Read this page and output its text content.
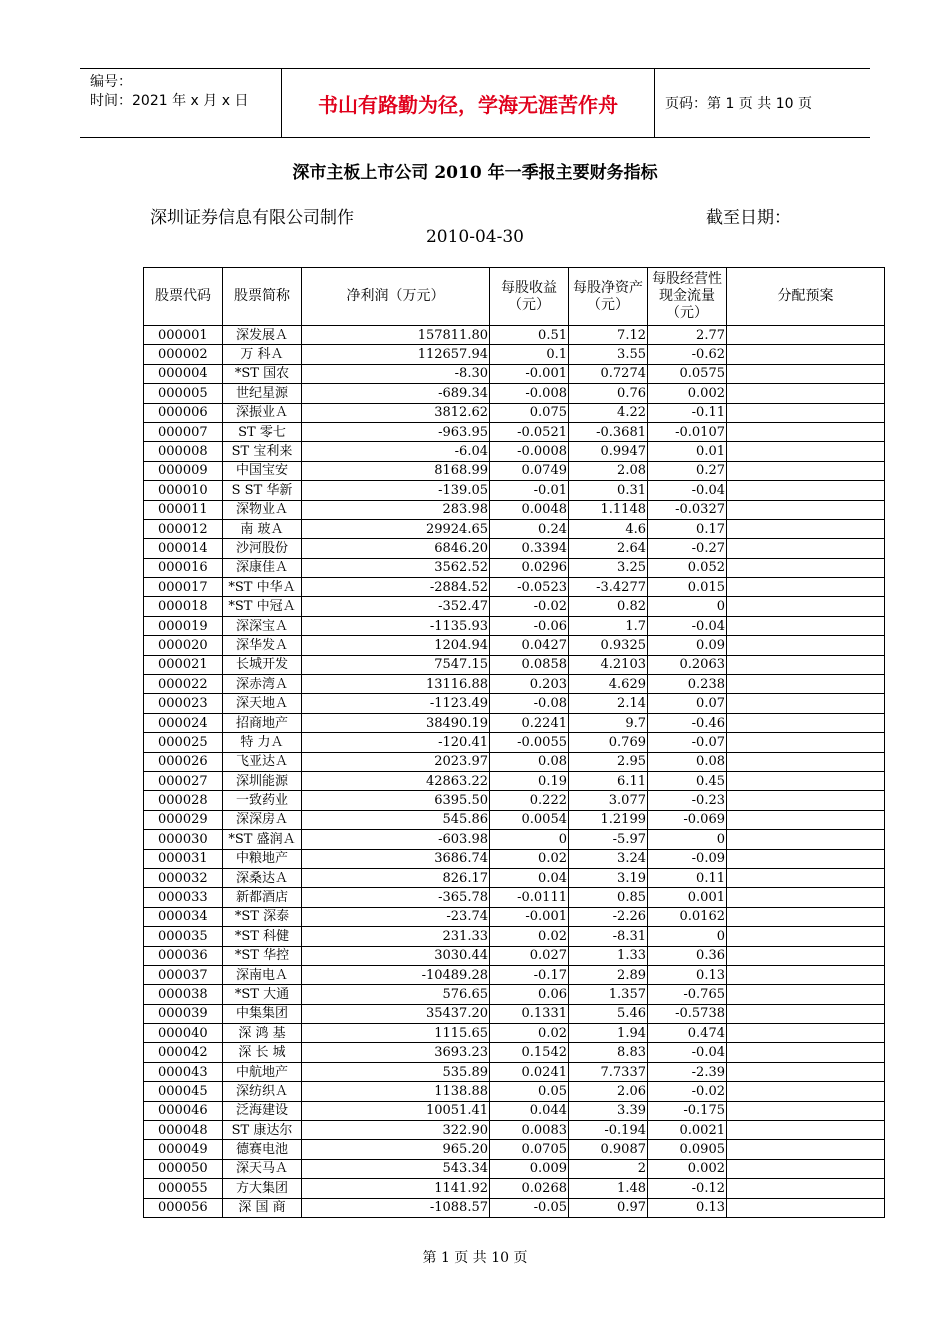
编号：
时间：2021 年 x 月 x 日	书山有路勤为径，学海无涯苦作舟	页码：第 1 页 共 10 页
深市主板上市公司 2010 年一季报主要财务指标
深圳证券信息有限公司制作	截至日期：
2010-04-30
股票代码	股票简称	净利润（万元）	每股收益（元）	每股净资产（元）	每股经营性现金流量（元）	分配预案
000001	深发展Ａ	157811.80	0.51	7.12	2.77	
000002	万 科Ａ	112657.94	0.1	3.55	-0.62	
000004	*ST 国农	-8.30	-0.001	0.7274	0.0575	
000005	世纪星源	-689.34	-0.008	0.76	0.002	
000006	深振业Ａ	3812.62	0.075	4.22	-0.11	
000007	ST 零七	-963.95	-0.0521	-0.3681	-0.0107	
000008	ST 宝利来	-6.04	-0.0008	0.9947	0.01	
000009	中国宝安	8168.99	0.0749	2.08	0.27	
000010	S ST 华新	-139.05	-0.01	0.31	-0.04	
000011	深物业Ａ	283.98	0.0048	1.1148	-0.0327	
000012	南 玻Ａ	29924.65	0.24	4.6	0.17	
000014	沙河股份	6846.20	0.3394	2.64	-0.27	
000016	深康佳Ａ	3562.52	0.0296	3.25	0.052	
000017	*ST 中华Ａ	-2884.52	-0.0523	-3.4277	0.015	
000018	*ST 中冠Ａ	-352.47	-0.02	0.82	0	
000019	深深宝Ａ	-1135.93	-0.06	1.7	-0.04	
000020	深华发Ａ	1204.94	0.0427	0.9325	0.09	
000021	长城开发	7547.15	0.0858	4.2103	0.2063	
000022	深赤湾Ａ	13116.88	0.203	4.629	0.238	
000023	深天地Ａ	-1123.49	-0.08	2.14	0.07	
000024	招商地产	38490.19	0.2241	9.7	-0.46	
000025	特 力Ａ	-120.41	-0.0055	0.769	-0.07	
000026	飞亚达Ａ	2023.97	0.08	2.95	0.08	
000027	深圳能源	42863.22	0.19	6.11	0.45	
000028	一致药业	6395.50	0.222	3.077	-0.23	
000029	深深房Ａ	545.86	0.0054	1.2199	-0.069	
000030	*ST 盛润Ａ	-603.98	0	-5.97	0	
000031	中粮地产	3686.74	0.02	3.24	-0.09	
000032	深桑达Ａ	826.17	0.04	3.19	0.11	
000033	新都酒店	-365.78	-0.0111	0.85	0.001	
000034	*ST 深泰	-23.74	-0.001	-2.26	0.0162	
000035	*ST 科健	231.33	0.02	-8.31	0	
000036	*ST 华控	3030.44	0.027	1.33	0.36	
000037	深南电Ａ	-10489.28	-0.17	2.89	0.13	
000038	*ST 大通	576.65	0.06	1.357	-0.765	
000039	中集集团	35437.20	0.1331	5.46	-0.5738	
000040	深 鸿 基	1115.65	0.02	1.94	0.474	
000042	深 长 城	3693.23	0.1542	8.83	-0.04	
000043	中航地产	535.89	0.0241	7.7337	-2.39	
000045	深纺织Ａ	1138.88	0.05	2.06	-0.02	
000046	泛海建设	10051.41	0.044	3.39	-0.175	
000048	ST 康达尔	322.90	0.0083	-0.194	0.0021	
000049	德赛电池	965.20	0.0705	0.9087	0.0905	
000050	深天马Ａ	543.34	0.009	2	0.002	
000055	方大集团	1141.92	0.0268	1.48	-0.12	
000056	深 国 商	-1088.57	-0.05	0.97	0.13	
第 1 页 共 10 页
